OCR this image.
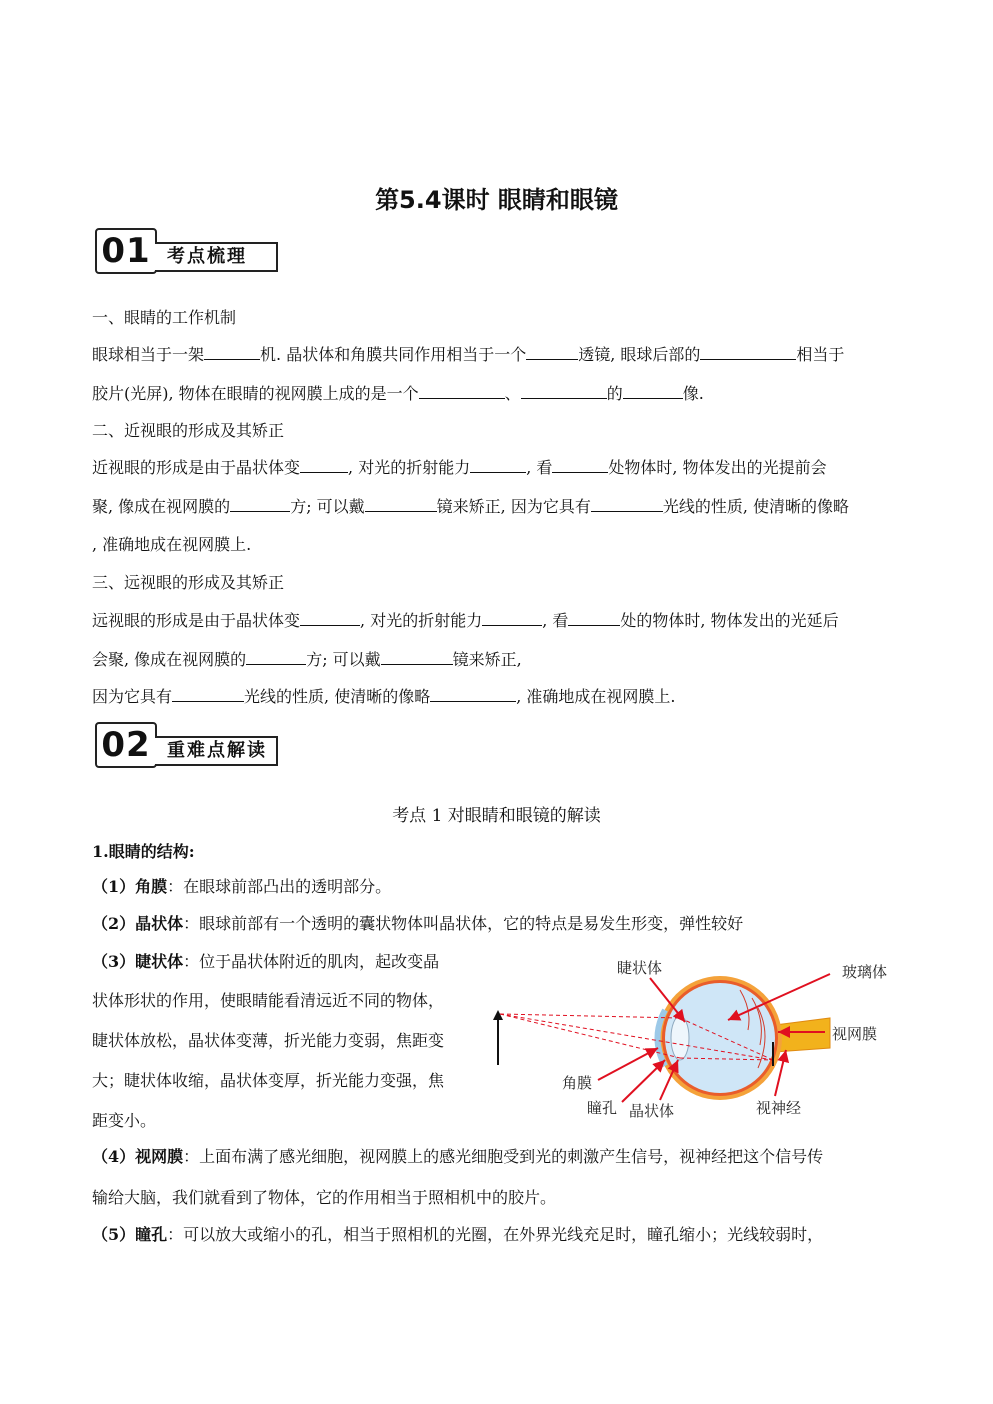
第5.4课时 眼睛和眼镜
01 考点梳理
一、眼睛的工作机制
眼球相当于一架	机. 晶状体和角膜共同作用相当于一个	透镜, 眼球后部的	相当于
胶片(光屏), 物体在眼睛的视网膜上成的是一个	、	的	像.
二、近视眼的形成及其矫正
近视眼的形成是由于晶状体变	, 对光的折射能力	, 看	处物体时, 物体发出的光提前会
聚, 像成在视网膜的	方; 可以戴	镜来矫正, 因为它具有	光线的性质, 使清晰的像略
, 准确地成在视网膜上.
三、远视眼的形成及其矫正
远视眼的形成是由于晶状体变	, 对光的折射能力	, 看	处的物体时, 物体发出的光延后
会聚, 像成在视网膜的	方; 可以戴	镜来矫正,
因为它具有	光线的性质, 使清晰的像略	, 准确地成在视网膜上.
02 重难点解读
考点 1 对眼睛和眼镜的解读
1.眼睛的结构:
（1）角膜：在眼球前部凸出的透明部分。
（2）晶状体：眼球前部有一个透明的囊状物体叫晶状体，它的特点是易发生形变，弹性较好
（3）睫状体：位于晶状体附近的肌肉，起改变晶
状体形状的作用，使眼睛能看清远近不同的物体，
睫状体放松，晶状体变薄，折光能力变弱，焦距变
大；睫状体收缩，晶状体变厚，折光能力变强，焦
距变小。
（4）视网膜：上面布满了感光细胞，视网膜上的感光细胞受到光的刺激产生信号，视神经把这个信号传
输给大脑，我们就看到了物体，它的作用相当于照相机中的胶片。
（5）瞳孔：可以放大或缩小的孔，相当于照相机的光圈，在外界光线充足时，瞳孔缩小；光线较弱时，
睫状体	玻璃体
视网膜
角膜
瞳孔 晶状体	视神经
